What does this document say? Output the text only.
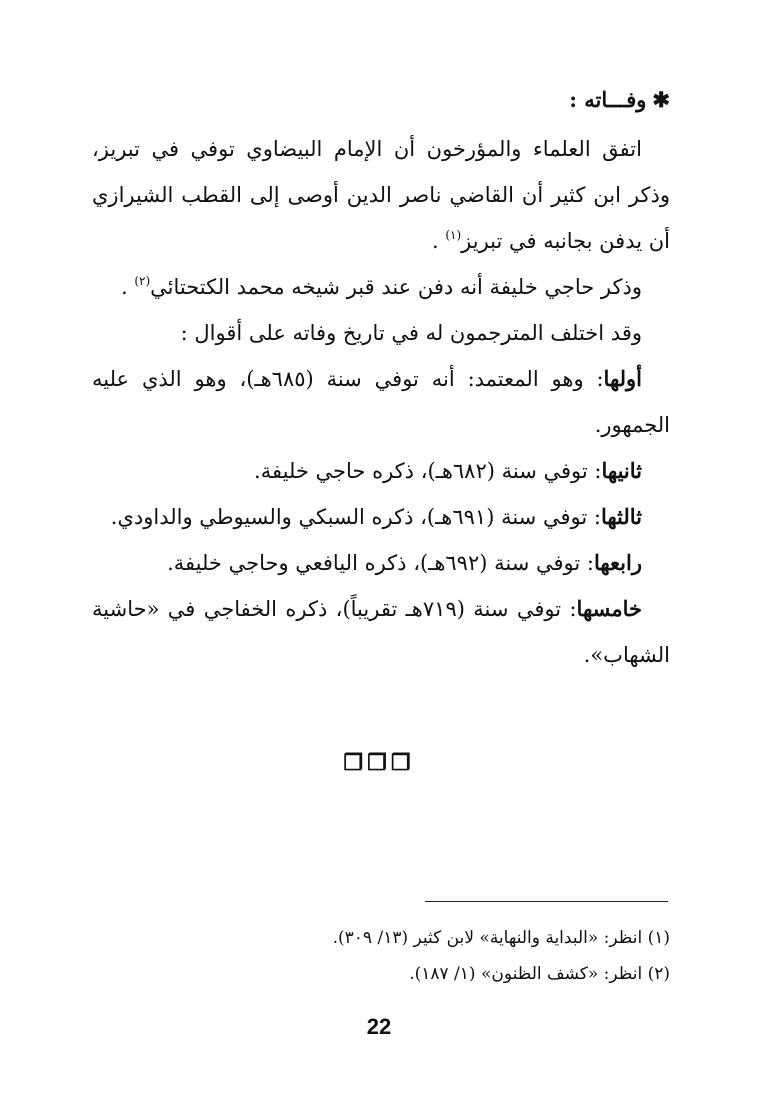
✱وفـــاته :

اتفق العلماء والمؤرخون أن الإمام البيضاوي توفي في تبريز، وذكر ابن كثير أن القاضي ناصر الدين أوصى إلى القطب الشيرازي أن يدفن بجانبه في تبريز$^{(١)}$ .

وذكر حاجي خليفة أنه دفن عند قبر شيخه محمد الكتحتائي$^{(٢)}$ .

وقد اختلف المترجمون له في تاريخ وفاته على أقوال :

أولها: وهو المعتمد: أنه توفي سنة (٦٨٥هـ)، وهو الذي عليه الجمهور.

ثانيها: توفي سنة (٦٨٢هـ)، ذكره حاجي خليفة.

ثالثها: توفي سنة (٦٩١هـ)، ذكره السبكي والسيوطي والداودي.

رابعها: توفي سنة (٦٩٢هـ)، ذكره اليافعي وحاجي خليفة.

خامسها: توفي سنة (٧١٩هـ تقريباً)، ذكره الخفاجي في «حاشية الشهاب».

❒❒❒

(١) انظر: «البداية والنهاية» لابن كثير (١٣/ ٣٠٩).

(٢) انظر: «كشف الظنون» (١/ ١٨٧).

22
